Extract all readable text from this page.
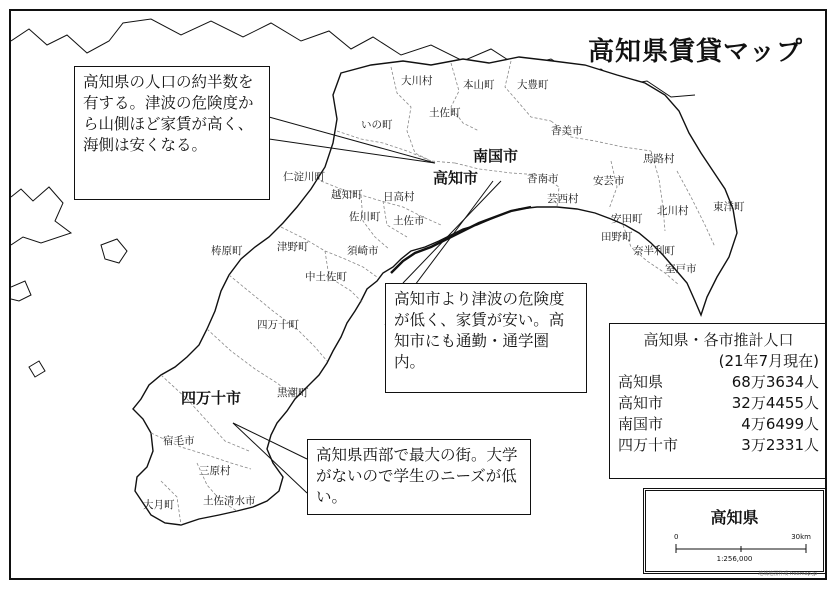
高知県賃貸マップ
大川村	本山町 大豊町
いの町
土佐町
香美市
仁淀川町
越知町 日高村
佐川町 土佐市
香南市	安芸市
馬路村
芸西村
安田町
北川村 東洋町
田野町
奈半利町
室戸市
梼原町	津野町	須崎市
中土佐町
四万十町
黒潮町
宿毛市
三原村
大月町	土佐清水市
南国市
高知市
四万十市
高知県の人口の約半数を有する。津波の危険度から山側ほど家賃が高く、海側は安くなる。
高知市より津波の危険度が低く、家賃が安い。高知市にも通勤・通学圏内。
高知県西部で最大の街。大学がないので学生のニーズが低い。
高知県・各市推計人口
(21年7月現在)
高知県	68万3634人
高知市	32万4455人
南国市	4万6499人
四万十市	3万2331人
高知県
0	30km
1:256,000
地域地図作成 freemap.jp
